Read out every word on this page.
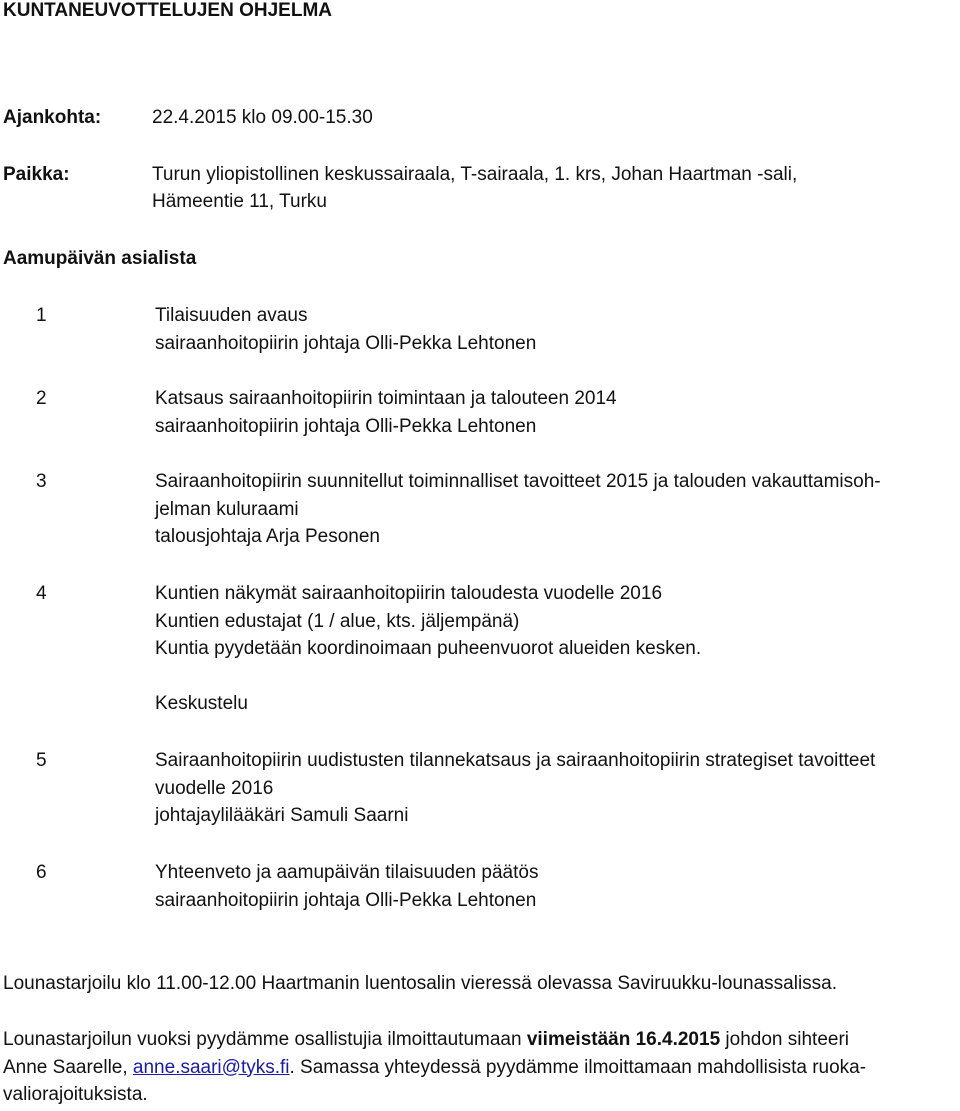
KUNTANEUVOTTELUJEN OHJELMA
Ajankohta:	22.4.2015 klo 09.00-15.30
Paikka:	Turun yliopistollinen keskussairaala, T-sairaala, 1. krs, Johan Haartman -sali,
Hämeentie 11, Turku
Aamupäivän asialista
1	Tilaisuuden avaus
sairaanhoitopiirin johtaja Olli-Pekka Lehtonen
2	Katsaus sairaanhoitopiirin toimintaan ja talouteen 2014
sairaanhoitopiirin johtaja Olli-Pekka Lehtonen
3	Sairaanhoitopiirin suunnitellut toiminnalliset tavoitteet 2015 ja talouden vakauttamisoh-
jelman kuluraami
talousjohtaja Arja Pesonen
4	Kuntien näkymät sairaanhoitopiirin taloudesta vuodelle 2016
Kuntien edustajat (1 / alue, kts. jäljempänä)
Kuntia pyydetään koordinoimaan puheenvuorot alueiden kesken.
Keskustelu
5	Sairaanhoitopiirin uudistusten tilannekatsaus ja sairaanhoitopiirin strategiset tavoitteet
vuodelle 2016
johtajaylilääkäri Samuli Saarni
6	Yhteenveto ja aamupäivän tilaisuuden päätös
sairaanhoitopiirin johtaja Olli-Pekka Lehtonen
Lounastarjoilu klo 11.00-12.00 Haartmanin luentosalin vieressä olevassa Saviruukku-lounassalissa.
Lounastarjoilun vuoksi pyydämme osallistujia ilmoittautumaan viimeistään 16.4.2015 johdon sihteeri
Anne Saarelle, anne.saari@tyks.fi. Samassa yhteydessä pyydämme ilmoittamaan mahdollisista ruoka-
valiorajoituksista.
